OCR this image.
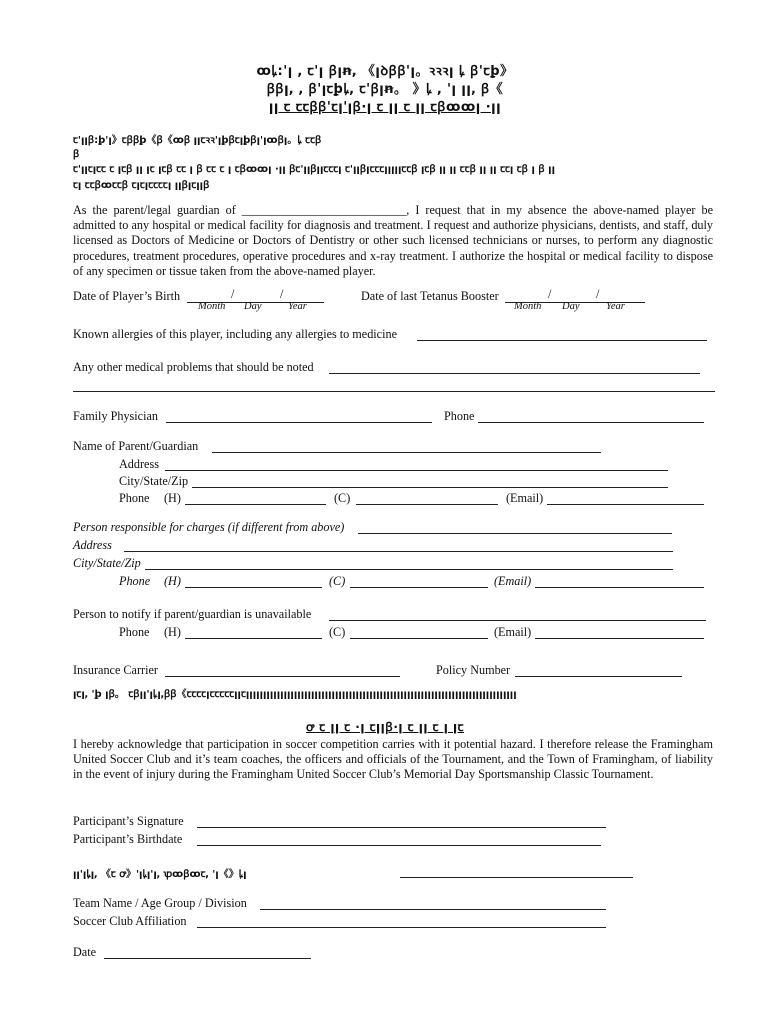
ꝏꝲ꞉ꞌꞁ ꓹ ꞇꞌꞁ ꞵꞁꞥꓹ 《ꞁꝺꞵꞵꞌꞁ。ꝛꝛꝛꞁ ꝲ ꞵꞌꞇꝧ》
ꞵꞵꞁꓹ ꓹ ꞵꞌꞁꞇꝧꝲꓹ ꞇꞌꞵꞁꞥ。 》ꝲ ꓹ ꞌꞁ ꞁꞁꓹ ꞵ《
ꞁꞁ ꞇ ꞇꞇꞵꞵꞌꞇꞁꞌꞁꞵ·ꞁ ꞇ ꞁꞁ ꞇ ꞁꞁ ꞇꞵꝏꝏꞁ ·ꞁꞁ
ꞇꞌꞁꞁꞵ꞉ꝧꞌꞁ》ꞇꞵꞵꝧ《ꞵ《ꝏꞵ ꞁꞁꞇꝛꝛꞌꞁꝧꞵꞇꞁꝧꞵꞁꞌꞁꝏꞵꞁ。ꝲ ꞇꞇꞵ
ꞵ
ꞇꞌꞁꞁꞇꞁꞇꞇ ꞇ ꞁꞇꞵ ꞁꞁ ꞁꞇ ꞁꞇꞵ ꞇꞇ ꞁ ꞵ ꞇꞇ ꞇ ꞁ ꞇꞵꝏꝏꞁ ·ꞁꞁ ꞵꞇꞌꞁꞁꞵꞁꞁꞇꞇꞇꞁ ꞇꞌꞁꞁꞵꞁꞇꞇꞇꞁꞁꞁꞁꞁꞇꞇꞵ ꞁꞇꞵ ꞁꞁ ꞁꞁ ꞇꞇꞵ ꞁꞁ ꞁꞁ ꞇꞇꞁ ꞇꞵ ꞁ ꞵ ꞁꞁ
ꞇꞁ ꞇꞇꞵꝏꞇꞇꞵ ꞇꞁꞇꞁꞇꞇꞇꞇꞁ ꞁꞁꞵꞁꞇꞁꞁꞵ
As the parent/legal guardian of ___________________________, I request that in my absence the above-named player be admitted to any hospital or medical facility for diagnosis and treatment. I request and authorize physicians, dentists, and staff, duly licensed as Doctors of Medicine or Doctors of Dentistry or other such licensed technicians or nurses, to perform any diagnostic procedures, treatment procedures, operative procedures and x-ray treatment. I authorize the hospital or medical facility to dispose of any specimen or tissue taken from the above-named player.
Date of Player’s Birth	/	/
Month Day	Year
Date of last Tetanus Booster	/	/
Month Day	Year
Known allergies of this player, including any allergies to medicine
Any other medical problems that should be noted
Family Physician	Phone
Name of Parent/Guardian
Address
City/State/Zip
Phone (H)	(C)	(Email)
Person responsible for charges (if different from above)
Address
City/State/Zip
Phone (H)	(C)	(Email)
Person to notify if parent/guardian is unavailable
Phone (H)	(C)	(Email)
Insurance Carrier	Policy Number
ꞁꞇꞁꓹ ꞌꝧ ꞁꞵ。 ꞇꞵꞁꞁꞌꞁꝲꞁꓹꞵꞵ《ꞇꞇꞇꞇꞁꞇꞇꞇꞇꞇꞁꞁꞇꞁꞁꞁꞁꞁꞁꞁꞁꞁꞁꞁꞁꞁꞁꞁꞁꞁꞁꞁꞁꞁꞁꞁꞁꞁꞁꞁꞁꞁꞁꞁꞁꞁꞁꞁꞁꞁꞁꞁꞁꞁꞁꞁꞁꞁꞁꞁꞁꞁꞁꞁꞁꞁꞁꞁꞁꞁꞁꞁꞁꞁꞁꞁꞁꞁꞁꞁꞁꞁꞁꞁꞁꞁꞁꞁꞁꞁꞁꞁ
ꝍ ꞇ ꞁꞁ ꞇ ·ꞁ ꞇꞁꞁꞵ·ꞁ ꞇ ꞁꞁ ꞇ ꞁ ꞁꞇ
I hereby acknowledge that participation in soccer competition carries with it potential hazard. I therefore release the Framingham United Soccer Club and it’s team coaches, the officers and officials of the Tournament, and the Town of Framingham, of liability in the event of injury during the Framingham United Soccer Club’s Memorial Day Sportsmanship Classic Tournament.
Participant’s Signature
Participant’s Birthdate
ꞁꞁꞌꞁꝲꞁꓹ 《ꞇ ꝍ》ꞌꞁꝲꞁꞌꞁꓹ ꝕꝏꞵꝏꞇꓹ ꞌꞁ《》ꝲꞁ
Team Name / Age Group / Division
Soccer Club Affiliation
Date
